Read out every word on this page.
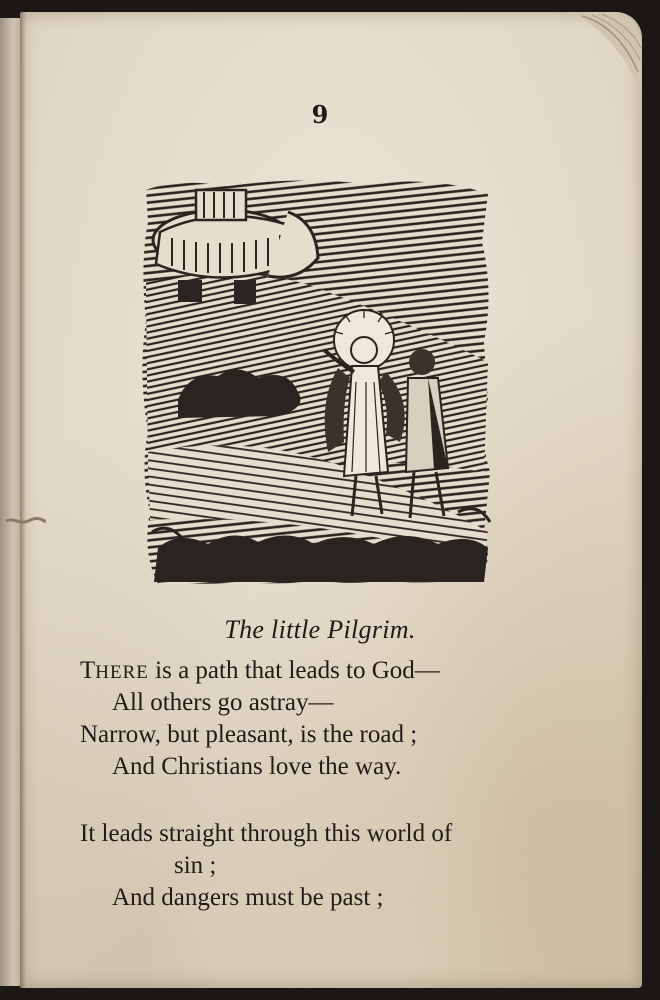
9
The little Pilgrim.
THERE is a path that leads to God—
All others go astray—
Narrow, but pleasant, is the road ;
And Christians love the way.
It leads straight through this world of
sin ;
And dangers must be past ;
